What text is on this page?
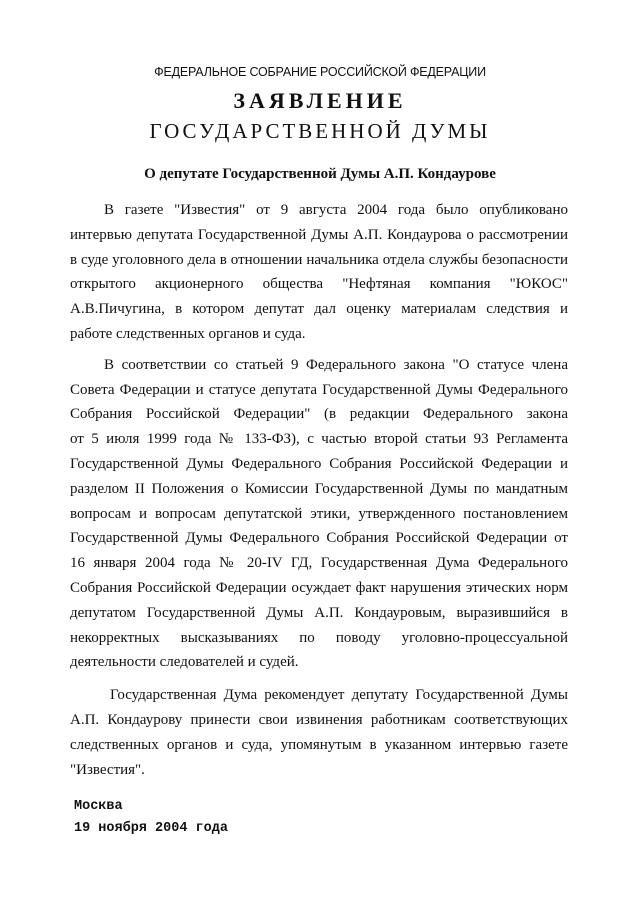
ФЕДЕРАЛЬНОЕ СОБРАНИЕ РОССИЙСКОЙ ФЕДЕРАЦИИ
ЗАЯВЛЕНИЕ
ГОСУДАРСТВЕННОЙ ДУМЫ
О депутате Государственной Думы А.П. Кондаурове
В газете "Известия" от 9 августа 2004 года было опубликовано
интервью депутата Государственной Думы А.П. Кондаурова о рассмотрении
в суде уголовного дела в отношении начальника отдела службы безопасности
открытого акционерного общества "Нефтяная компания "ЮКОС"
А.В.Пичугина, в котором депутат дал оценку материалам следствия и
работе следственных органов и суда.
В соответствии со статьей 9 Федерального закона "О статусе члена
Совета Федерации и статусе депутата Государственной Думы Федерального
Собрания Российской Федерации" (в редакции Федерального закона
от 5 июля 1999 года № 133-ФЗ), с частью второй статьи 93 Регламента
Государственной Думы Федерального Собрания Российской Федерации и
разделом II Положения о Комиссии Государственной Думы по мандатным
вопросам и вопросам депутатской этики, утвержденного постановлением
Государственной Думы Федерального Собрания Российской Федерации от
16 января 2004 года № 20-IV ГД, Государственная Дума Федерального
Собрания Российской Федерации осуждает факт нарушения этических норм
депутатом Государственной Думы А.П. Кондауровым, выразившийся в
некорректных высказываниях по поводу уголовно-процессуальной
деятельности следователей и судей.
Государственная Дума рекомендует депутату Государственной Думы
А.П. Кондаурову принести свои извинения работникам соответствующих
следственных органов и суда, упомянутым в указанном интервью газете
"Известия".
Москва
19 ноября 2004 года
